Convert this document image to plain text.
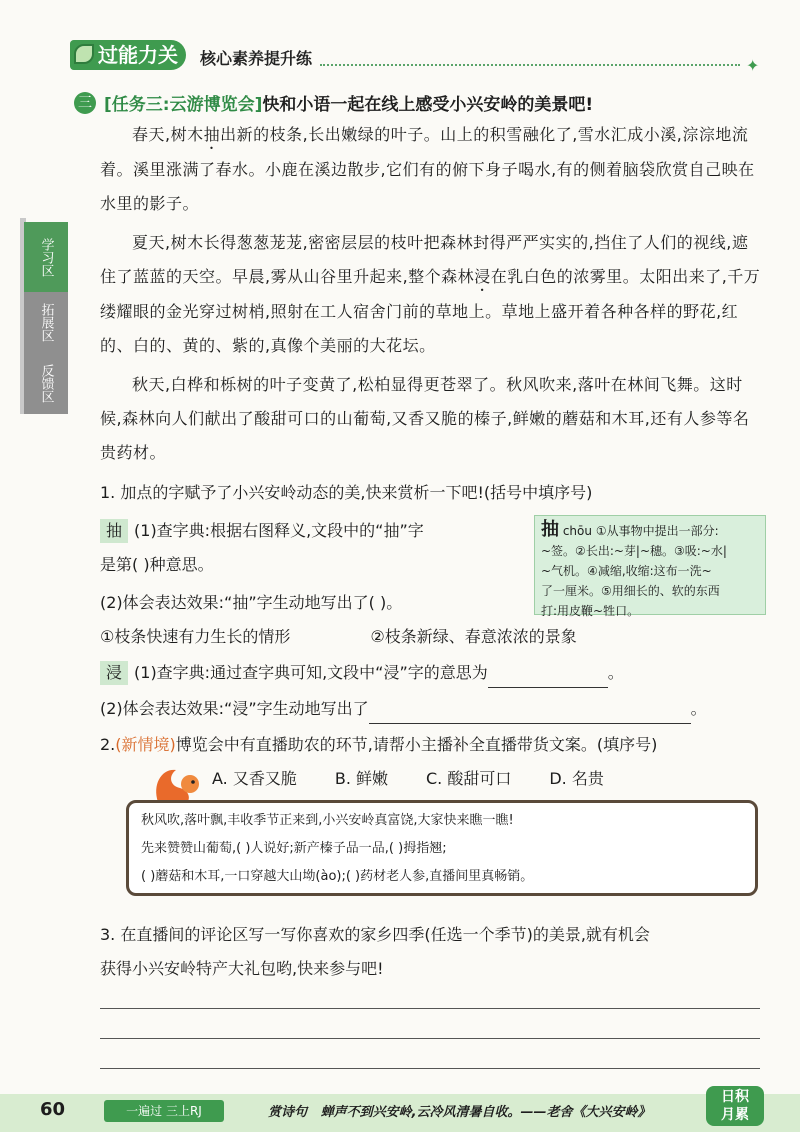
过能力关	核心素养提升练	✦
学习区
拓展区
反馈区
三 [任务三:云游博览会]快和小语一起在线上感受小兴安岭的美景吧!
春天,树木抽出新的枝条,长出嫩绿的叶子。山上的积雪融化了,雪水汇成小溪,淙淙地流着。溪里涨满了春水。小鹿在溪边散步,它们有的俯下身子喝水,有的侧着脑袋欣赏自己映在水里的影子。
夏天,树木长得葱葱茏茏,密密层层的枝叶把森林封得严严实实的,挡住了人们的视线,遮住了蓝蓝的天空。早晨,雾从山谷里升起来,整个森林浸在乳白色的浓雾里。太阳出来了,千万缕耀眼的金光穿过树梢,照射在工人宿舍门前的草地上。草地上盛开着各种各样的野花,红的、白的、黄的、紫的,真像个美丽的大花坛。
秋天,白桦和栎树的叶子变黄了,松柏显得更苍翠了。秋风吹来,落叶在林间飞舞。这时候,森林向人们献出了酸甜可口的山葡萄,又香又脆的榛子,鲜嫩的蘑菇和木耳,还有人参等名贵药材。
1. 加点的字赋予了小兴安岭动态的美,快来赏析一下吧!(括号中填序号)
抽 (1)查字典:根据右图释义,文段中的“抽”字
是第( )种意思。
(2)体会表达效果:“抽”字生动地写出了( )。
抽 chōu ①从事物中提出一部分:
~签。②长出:~芽|~穗。③吸:~水|
~气机。④减缩,收缩:这布一洗~
了一厘米。⑤用细长的、软的东西
打:用皮鞭~牲口。
①枝条快速有力生长的情形	②枝条新绿、春意浓浓的景象
浸 (1)查字典:通过查字典可知,文段中“浸”字的意思为	。
(2)体会表达效果:“浸”字生动地写出了	。
2.(新情境)博览会中有直播助农的环节,请帮小主播补全直播带货文案。(填序号)
A. 又香又脆 B. 鲜嫩 C. 酸甜可口 D. 名贵
秋风吹,落叶飘,丰收季节正来到,小兴安岭真富饶,大家快来瞧一瞧!
先来赞赞山葡萄,( )人说好;新产榛子品一品,( )拇指翘;
( )蘑菇和木耳,一口穿越大山坳(ào);( )药材老人参,直播间里真畅销。
3. 在直播间的评论区写一写你喜欢的家乡四季(任选一个季节)的美景,就有机会
获得小兴安岭特产大礼包哟,快来参与吧!
60	一遍过 三上RJ	赏诗句 蝉声不到兴安岭,云冷风清暑自收。——老舍《大兴安岭》
日积
月累
